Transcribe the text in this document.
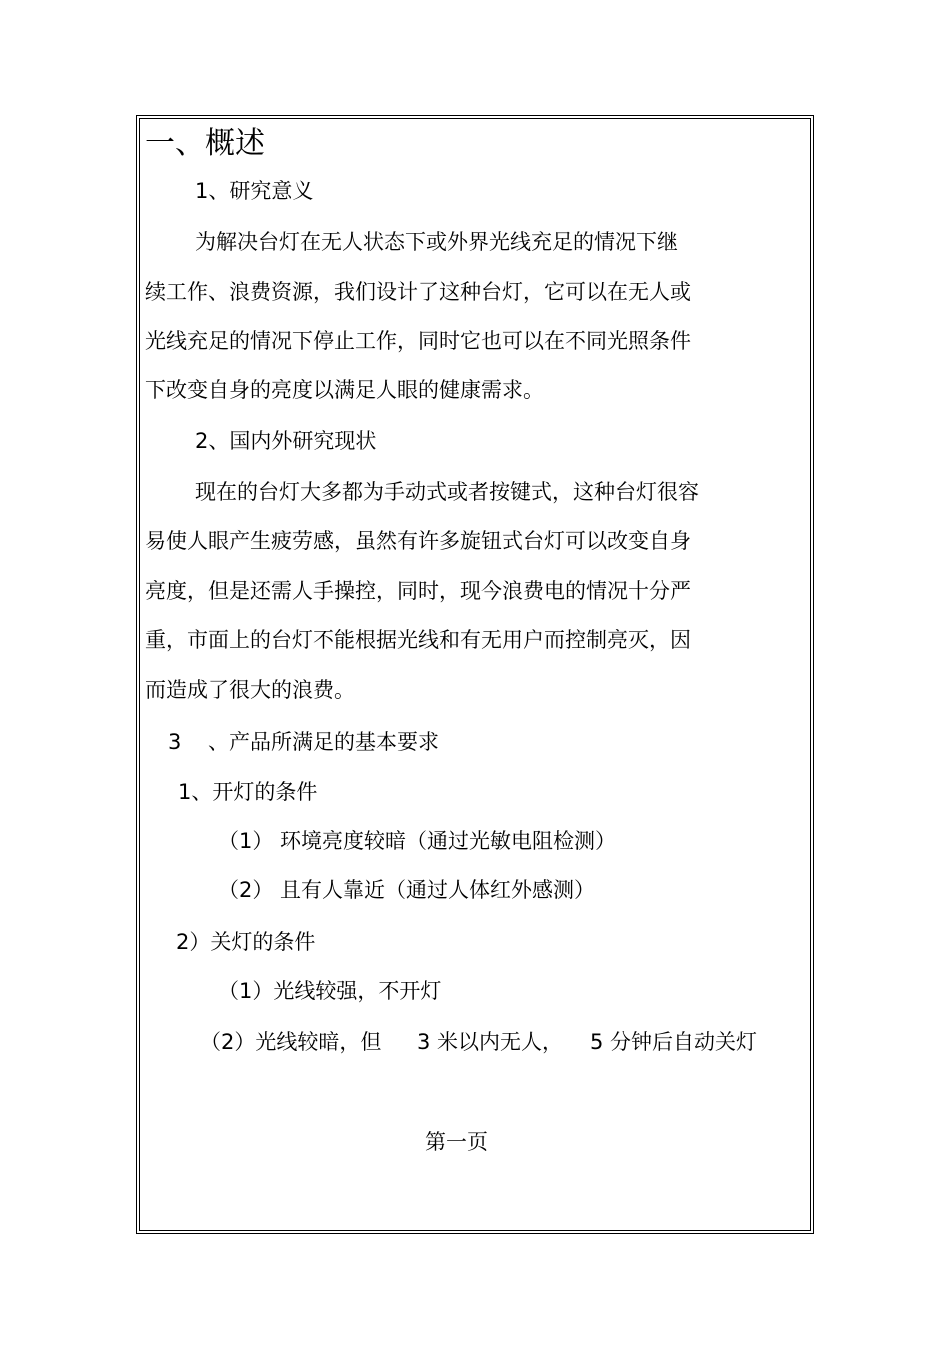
一、概述
1、研究意义
为解决台灯在无人状态下或外界光线充足的情况下继
续工作、浪费资源，我们设计了这种台灯，它可以在无人或
光线充足的情况下停止工作，同时它也可以在不同光照条件
下改变自身的亮度以满足人眼的健康需求。
2、国内外研究现状
现在的台灯大多都为手动式或者按键式，这种台灯很容
易使人眼产生疲劳感，虽然有许多旋钮式台灯可以改变自身
亮度，但是还需人手操控，同时，现今浪费电的情况十分严
重，市面上的台灯不能根据光线和有无用户而控制亮灭，因
而造成了很大的浪费。
3 、产品所满足的基本要求
1、开灯的条件
（1） 环境亮度较暗（通过光敏电阻检测）
（2） 且有人靠近（通过人体红外感测）
2）关灯的条件
（1）光线较强，不开灯
（2）光线较暗，但 3 米以内无人， 5 分钟后自动关灯
第一页
